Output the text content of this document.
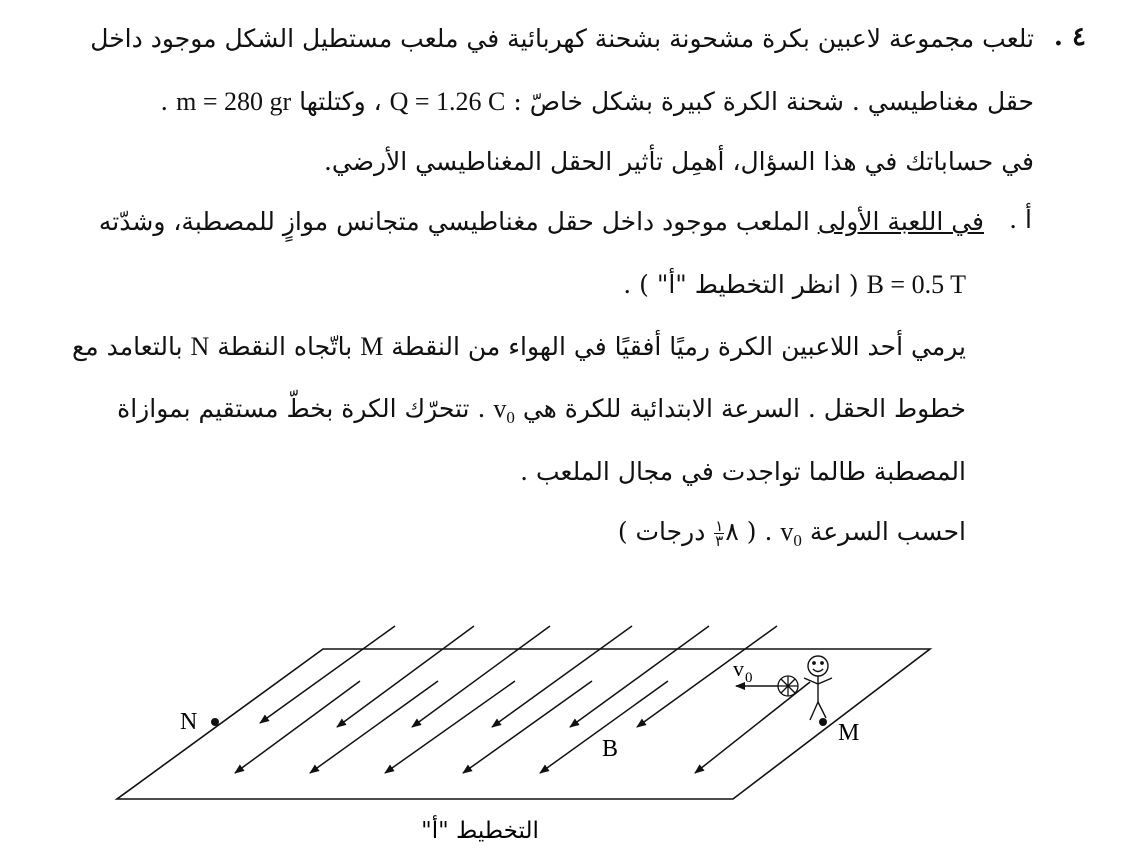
٤ .
تلعب مجموعة لاعبين بكرة مشحونة بشحنة كهربائية في ملعب مستطيل الشكل موجود داخل
حقل مغناطيسي . شحنة الكرة كبيرة بشكل خاصّ : Q = 1.26 C ، وكتلتها m = 280 gr .
في حساباتك في هذا السؤال، أهمِل تأثير الحقل المغناطيسي الأرضي.
أ .
في اللعبة الأولى الملعب موجود داخل حقل مغناطيسي متجانس موازٍ للمصطبة، وشدّته
B = 0.5 T ( انظر التخطيط "أ" ) .
يرمي أحد اللاعبين الكرة رميًا أفقيًا في الهواء من النقطة M باتّجاه النقطة N بالتعامد مع
خطوط الحقل . السرعة الابتدائية للكرة هي $v_0$ . تتحرّك الكرة بخطّ مستقيم بموازاة
المصطبة طالما تواجدت في مجال الملعب .
احسب السرعة $v_0$ . ( ٨
$\frac{١}{٣}$
درجات )
N	M
B
v 0
التخطيط "أ"
